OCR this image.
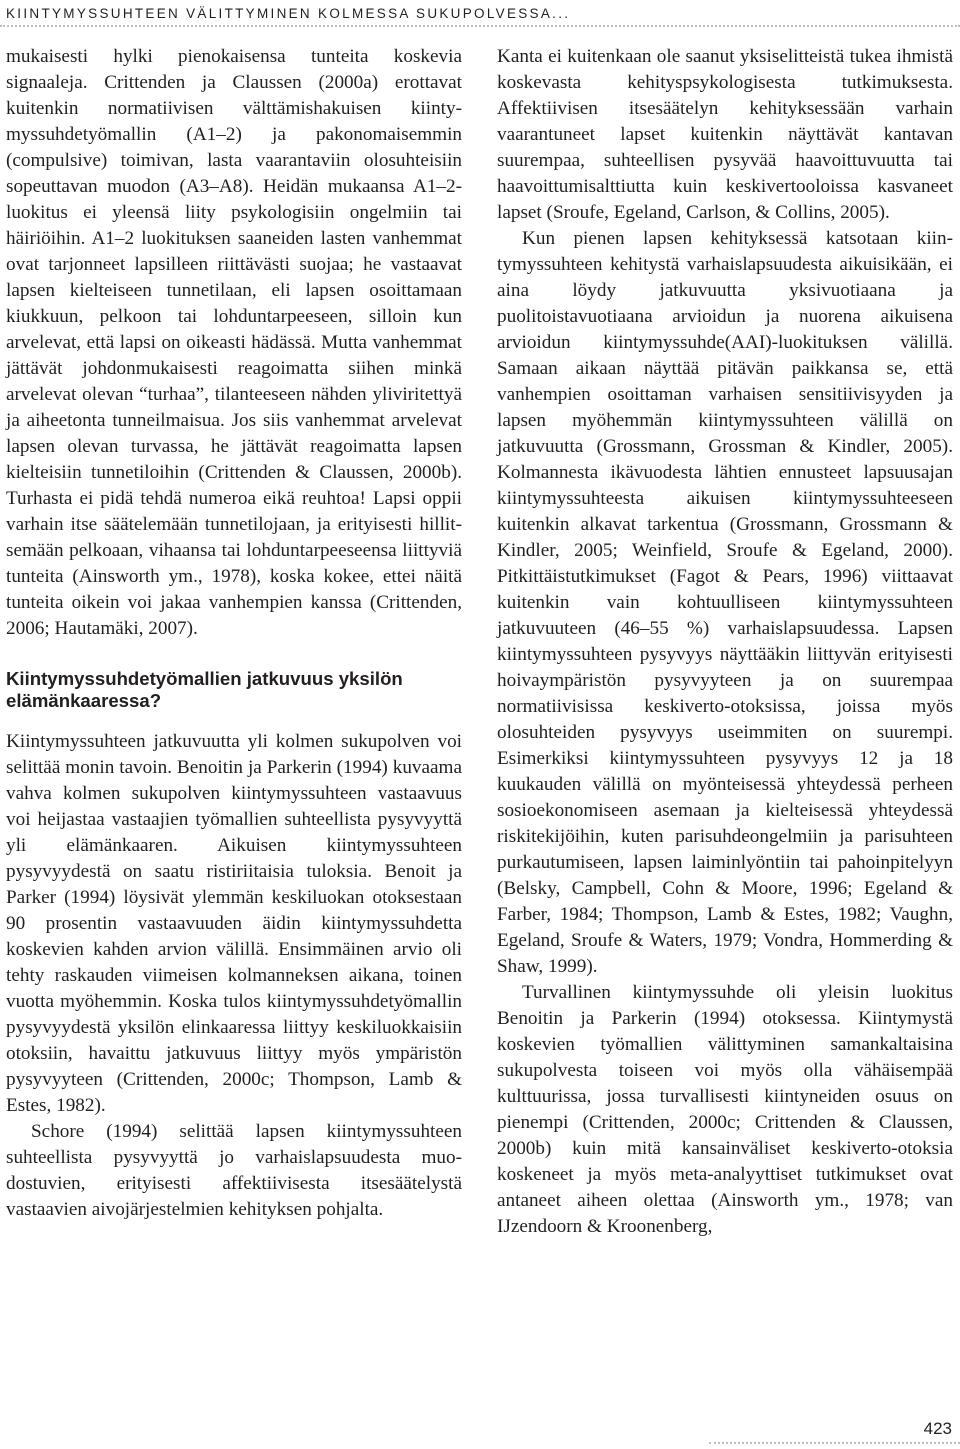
KIINTYMYSSUHTEEN VÄLITTYMINEN KOLMESSA SUKUPOLVESSA...

mukaisesti hylki pienokaisensa tunteita koskevia signaaleja. Crittenden ja Claussen (2000a) erottavat kuitenkin normatiivisen välttämishakuisen kiintymyssuhdetyömallin (A1–2) ja pakonomaisemmin (compulsive) toimivan, lasta vaarantaviin olosuhteisiin sopeuttavan muodon (A3–A8). Heidän mukaansa A1–2-luokitus ei yleensä liity psykologisiin ongelmiin tai häiriöihin. A1–2 luokituksen saaneiden lasten vanhemmat ovat tarjonneet lapsilleen riittävästi suojaa; he vastaavat lapsen kielteiseen tunnetilaan, eli lapsen osoittamaan kiukkuun, pelkoon tai lohduntarpeeseen, silloin kun arvelevat, että lapsi on oikeasti hädässä. Mutta vanhemmat jättävät johdonmukaisesti reagoimatta siihen minkä arvelevat olevan “turhaa”, tilanteeseen nähden yliviritettyä ja aiheetonta tunneilmaisua. Jos siis vanhemmat arvelevat lapsen olevan turvassa, he jättävät reagoimatta lapsen kielteisiin tunnetiloihin (Crittenden & Claussen, 2000b). Turhasta ei pidä tehdä numeroa eikä reuhtoa! Lapsi oppii varhain itse säätelemään tunnetilojaan, ja erityisesti hillitsemään pelkoaan, vihaansa tai lohduntarpeeseensa liittyviä tunteita (Ainsworth ym., 1978), koska kokee, ettei näitä tunteita oikein voi jakaa vanhempien kanssa (Crittenden, 2006; Hautamäki, 2007).

Kiintymyssuhdetyömallien jatkuvuus yksilön elämänkaaressa?

Kiintymyssuhteen jatkuvuutta yli kolmen sukupolven voi selittää monin tavoin. Benoitin ja Parkerin (1994) kuvaama vahva kolmen sukupolven kiintymyssuhteen vastaavuus voi heijastaa vastaajien työmallien suhteellista pysyvyyttä yli elämänkaaren. Aikuisen kiintymyssuhteen pysyvyydestä on saatu ristiriitaisia tuloksia. Benoit ja Parker (1994) löysivät ylemmän keskiluokan otoksestaan 90 prosentin vastaavuuden äidin kiintymyssuhdetta koskevien kahden arvion välillä. Ensimmäinen arvio oli tehty raskauden viimeisen kolmanneksen aikana, toinen vuotta myöhemmin. Koska tulos kiintymyssuhdetyömallin pysyvyydestä yksilön elinkaaressa liittyy keskiluokkaisiin otoksiin, havaittu jatkuvuus liittyy myös ympäristön pysyvyyteen (Crittenden, 2000c; Thompson, Lamb & Estes, 1982).

Schore (1994) selittää lapsen kiintymyssuhteen suhteellista pysyvyyttä jo varhaislapsuudesta muodostuvien, erityisesti affektiivisesta itsesäätelystä vastaavien aivojärjestelmien kehityksen pohjalta.

Kanta ei kuitenkaan ole saanut yksiselitteistä tukea ihmistä koskevasta kehityspsykologisesta tutkimuksesta. Affektiivisen itsesäätelyn kehityksessään varhain vaarantuneet lapset kuitenkin näyttävät kantavan suurempaa, suhteellisen pysyvää haavoittuvuutta tai haavoittumisalttiutta kuin keskivertooloissa kasvaneet lapset (Sroufe, Egeland, Carlson, & Collins, 2005).

Kun pienen lapsen kehityksessä katsotaan kiintymyssuhteen kehitystä varhaislapsuudesta aikuisikään, ei aina löydy jatkuvuutta yksivuotiaana ja puolitoistavuotiaana arvioidun ja nuorena aikuisena arvioidun kiintymyssuhde(AAI)-luokituksen välillä. Samaan aikaan näyttää pitävän paikkansa se, että vanhempien osoittaman varhaisen sensitiivisyyden ja lapsen myöhemmän kiintymyssuhteen välillä on jatkuvuutta (Grossmann, Grossman & Kindler, 2005). Kolmannesta ikävuodesta lähtien ennusteet lapsuusajan kiintymyssuhteesta aikuisen kiintymyssuhteeseen kuitenkin alkavat tarkentua (Grossmann, Grossmann & Kindler, 2005; Weinfield, Sroufe & Egeland, 2000). Pitkittäistutkimukset (Fagot & Pears, 1996) viittaavat kuitenkin vain kohtuulliseen kiintymyssuhteen jatkuvuuteen (46–55 %) varhaislapsuudessa. Lapsen kiintymyssuhteen pysyvyys näyttääkin liittyvän erityisesti hoivaympäristön pysyvyyteen ja on suurempaa normatiivisissa keskiverto-otoksissa, joissa myös olosuhteiden pysyvyys useimmiten on suurempi. Esimerkiksi kiintymyssuhteen pysyvyys 12 ja 18 kuukauden välillä on myönteisessä yhteydessä perheen sosioekonomiseen asemaan ja kielteisessä yhteydessä riskitekijöihin, kuten parisuhdeongelmiin ja parisuhteen purkautumiseen, lapsen laiminlyöntiin tai pahoinpitelyyn (Belsky, Campbell, Cohn & Moore, 1996; Egeland & Farber, 1984; Thompson, Lamb & Estes, 1982; Vaughn, Egeland, Sroufe & Waters, 1979; Vondra, Hommerding & Shaw, 1999).

Turvallinen kiintymyssuhde oli yleisin luokitus Benoitin ja Parkerin (1994) otoksessa. Kiintymystä koskevien työmallien välittyminen samankaltaisina sukupolvesta toiseen voi myös olla vähäisempää kulttuurissa, jossa turvallisesti kiintyneiden osuus on pienempi (Crittenden, 2000c; Crittenden & Claussen, 2000b) kuin mitä kansainväliset keskiverto-otoksia koskeneet ja myös meta-analyyttiset tutkimukset ovat antaneet aiheen olettaa (Ainsworth ym., 1978; van IJzendoorn & Kroonenberg,

423
